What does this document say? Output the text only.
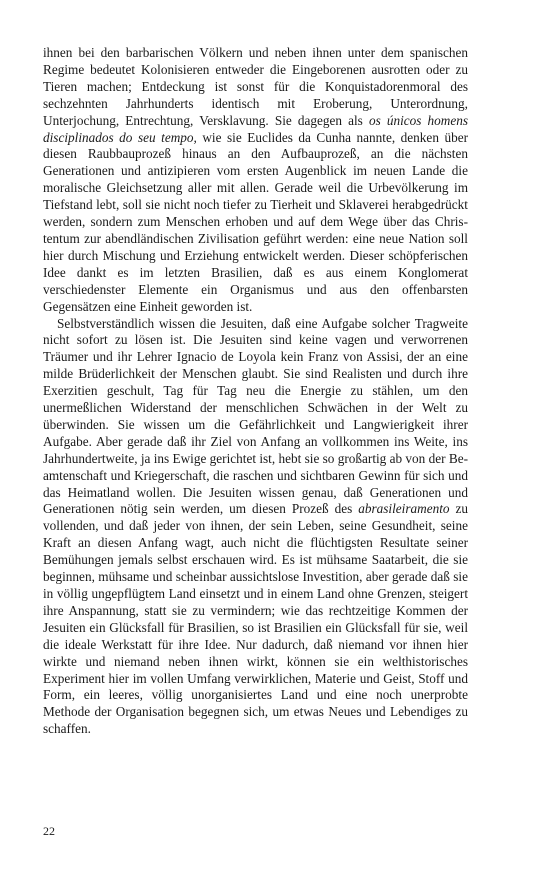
ihnen bei den barbarischen Völkern und neben ihnen unter dem spanischen Regime bedeutet Kolonisieren entweder die Eingeborenen ausrotten oder zu Tieren machen; Entdeckung ist sonst für die Konquistadorenmoral des sechzehnten Jahrhunderts identisch mit Eroberung, Unterordnung, Unterjochung, Entrechtung, Versklavung. Sie dagegen als os únicos homens disciplinados do seu tempo, wie sie Euclides da Cunha nannte, denken über diesen Raubbauprozeß hinaus an den Aufbauprozeß, an die nächsten Generationen und antizipieren vom ersten Augenblick im neuen Lande die moralische Gleichsetzung aller mit allen. Gerade weil die Urbevölkerung im Tiefstand lebt, soll sie nicht noch tiefer zu Tierheit und Sklaverei herabgedrückt werden, sondern zum Menschen erhoben und auf dem Wege über das Christentum zur abendländischen Zivilisation geführt werden: eine neue Nation soll hier durch Mischung und Erziehung entwickelt werden. Dieser schöpferischen Idee dankt es im letzten Brasilien, daß es aus einem Konglomerat verschiedenster Elemente ein Organismus und aus den offenbarsten Gegensätzen eine Einheit geworden ist.

Selbstverständlich wissen die Jesuiten, daß eine Aufgabe solcher Tragweite nicht sofort zu lösen ist. Die Jesuiten sind keine vagen und verworrenen Träumer und ihr Lehrer Ignacio de Loyola kein Franz von Assisi, der an eine milde Brüderlichkeit der Menschen glaubt. Sie sind Realisten und durch ihre Exerzitien geschult, Tag für Tag neu die Energie zu stählen, um den unermeßlichen Widerstand der menschlichen Schwächen in der Welt zu überwinden. Sie wissen um die Gefährlichkeit und Langwierigkeit ihrer Aufgabe. Aber gerade daß ihr Ziel von Anfang an vollkommen ins Weite, ins Jahrhundertweite, ja ins Ewige gerichtet ist, hebt sie so großartig ab von der Beamtenschaft und Kriegerschaft, die raschen und sichtbaren Gewinn für sich und das Heimatland wollen. Die Jesuiten wissen genau, daß Generationen und Generationen nötig sein werden, um diesen Prozeß des abrasileiramento zu vollenden, und daß jeder von ihnen, der sein Leben, seine Gesundheit, seine Kraft an diesen Anfang wagt, auch nicht die flüchtigsten Resultate seiner Bemühungen jemals selbst erschauen wird. Es ist mühsame Saatarbeit, die sie beginnen, mühsame und scheinbar aussichtslose Investition, aber gerade daß sie in völlig ungepflügtem Land einsetzt und in einem Land ohne Grenzen, steigert ihre Anspannung, statt sie zu vermindern; wie das rechtzeitige Kommen der Jesuiten ein Glücksfall für Brasilien, so ist Brasilien ein Glücksfall für sie, weil die ideale Werkstatt für ihre Idee. Nur dadurch, daß niemand vor ihnen hier wirkte und niemand neben ihnen wirkt, können sie ein welthistorisches Experiment hier im vollen Umfang verwirklichen, Materie und Geist, Stoff und Form, ein leeres, völlig unorganisiertes Land und eine noch unerprobte Methode der Organisation begegnen sich, um etwas Neues und Lebendiges zu schaffen.

22
